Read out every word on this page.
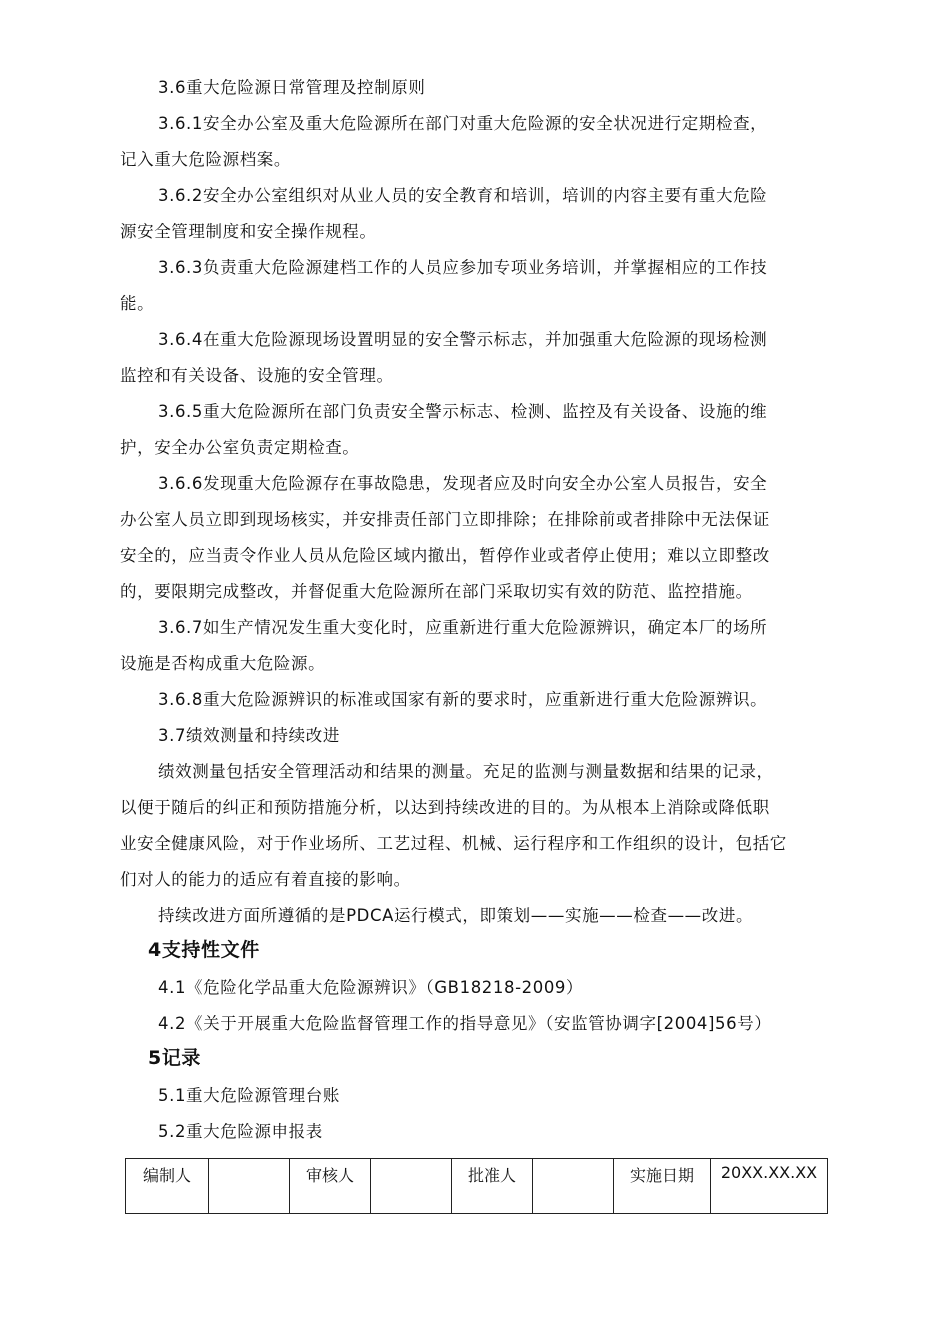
3.6重大危险源日常管理及控制原则
3.6.1安全办公室及重大危险源所在部门对重大危险源的安全状况进行定期检查，
记入重大危险源档案。
3.6.2安全办公室组织对从业人员的安全教育和培训，培训的内容主要有重大危险
源安全管理制度和安全操作规程。
3.6.3负责重大危险源建档工作的人员应参加专项业务培训，并掌握相应的工作技
能。
3.6.4在重大危险源现场设置明显的安全警示标志，并加强重大危险源的现场检测
监控和有关设备、设施的安全管理。
3.6.5重大危险源所在部门负责安全警示标志、检测、监控及有关设备、设施的维
护，安全办公室负责定期检查。
3.6.6发现重大危险源存在事故隐患，发现者应及时向安全办公室人员报告，安全
办公室人员立即到现场核实，并安排责任部门立即排除；在排除前或者排除中无法保证
安全的，应当责令作业人员从危险区域内撤出，暂停作业或者停止使用；难以立即整改
的，要限期完成整改，并督促重大危险源所在部门采取切实有效的防范、监控措施。
3.6.7如生产情况发生重大变化时，应重新进行重大危险源辨识，确定本厂的场所
设施是否构成重大危险源。
3.6.8重大危险源辨识的标准或国家有新的要求时，应重新进行重大危险源辨识。
3.7绩效测量和持续改进
绩效测量包括安全管理活动和结果的测量。充足的监测与测量数据和结果的记录，
以便于随后的纠正和预防措施分析，以达到持续改进的目的。为从根本上消除或降低职
业安全健康风险，对于作业场所、工艺过程、机械、运行程序和工作组织的设计，包括它
们对人的能力的适应有着直接的影响。
持续改进方面所遵循的是PDCA运行模式，即策划——实施——检查——改进。
4支持性文件
4.1《危险化学品重大危险源辨识》（GB18218-2009）
4.2《关于开展重大危险监督管理工作的指导意见》（安监管协调字[2004]56号）
5记录
5.1重大危险源管理台账
5.2重大危险源申报表
编制人		审核人		批准人		实施日期	20XX.XX.XX
